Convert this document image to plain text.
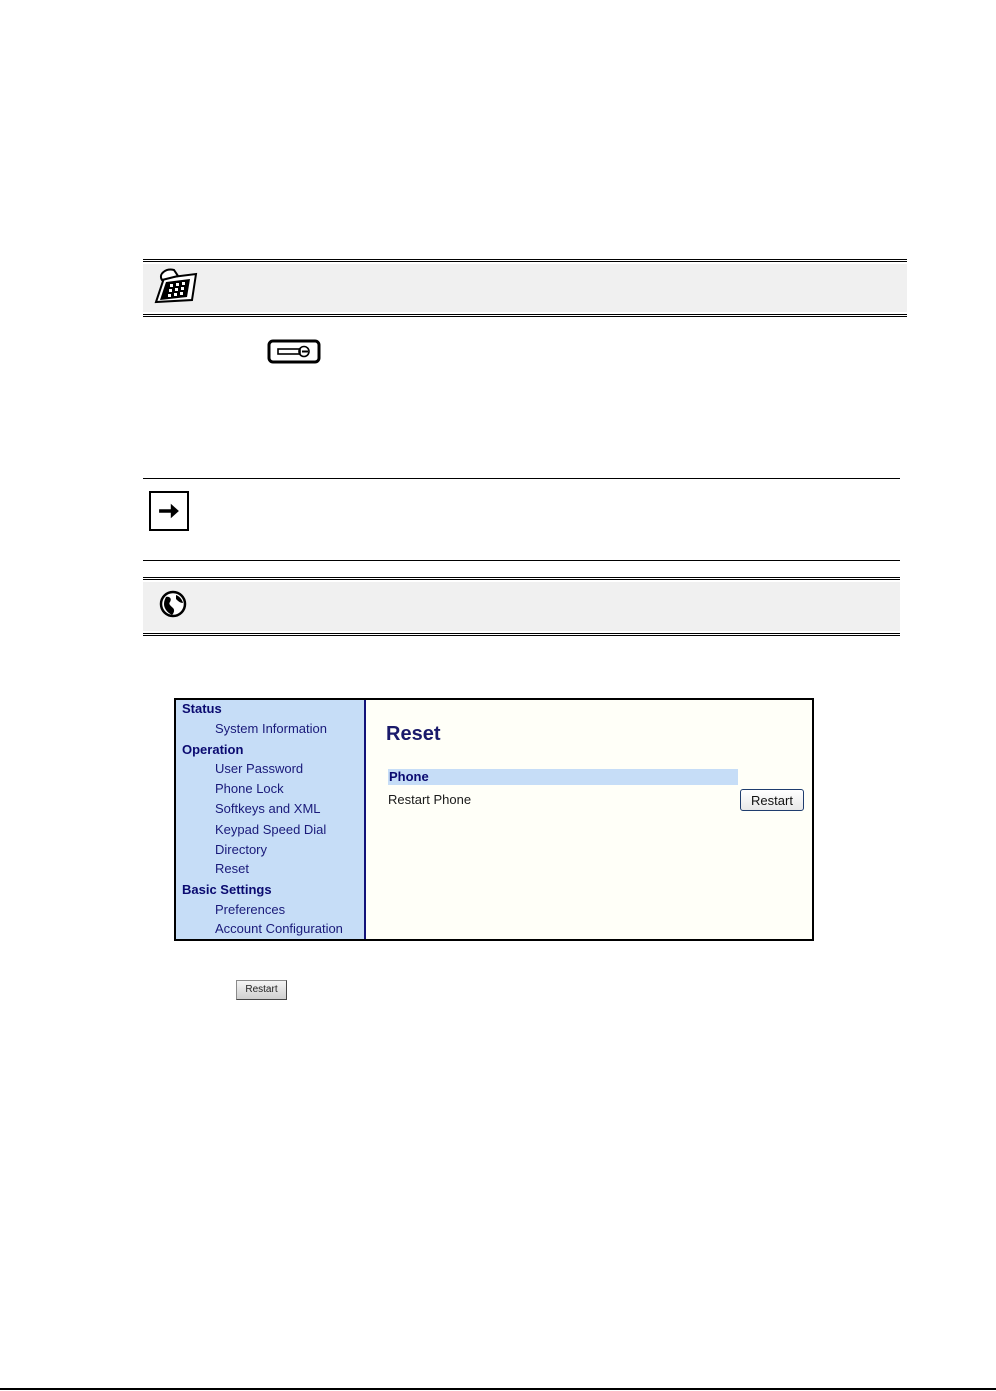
Status
System Information
Operation
User Password
Phone Lock
Softkeys and XML
Keypad Speed Dial
Directory
Reset
Basic Settings
Preferences
Account Configuration
Reset
Phone
Restart Phone	Restart
Restart
